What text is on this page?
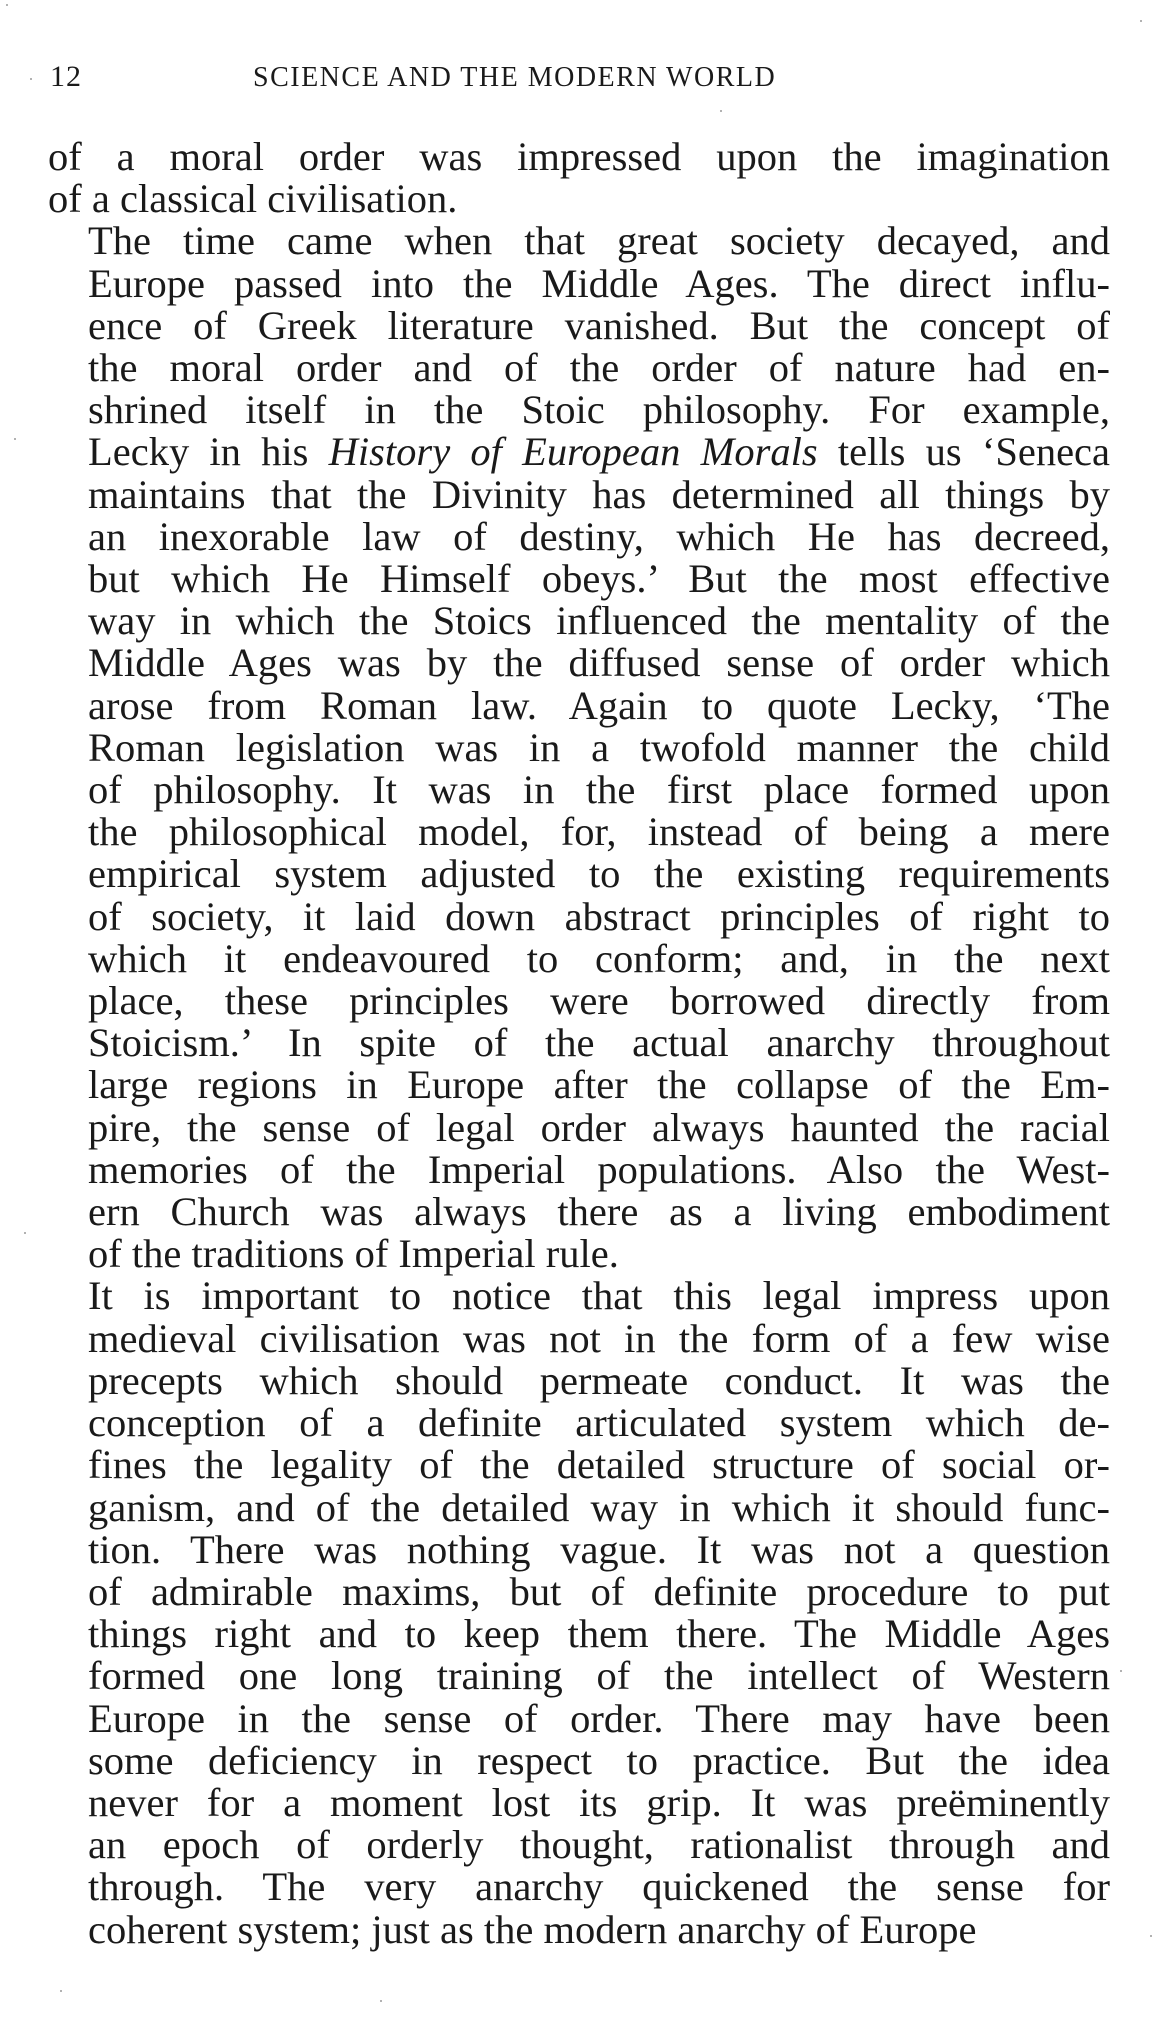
12	SCIENCE AND THE MODERN WORLD
of a moral order was impressed upon the imagination
of a classical civilisation.
The time came when that great society decayed, and
Europe passed into the Middle Ages. The direct influ-
ence of Greek literature vanished. But the concept of
the moral order and of the order of nature had en-
shrined itself in the Stoic philosophy. For example,
Lecky in his History of European Morals tells us ‘Seneca
maintains that the Divinity has determined all things by
an inexorable law of destiny, which He has decreed,
but which He Himself obeys.’ But the most effective
way in which the Stoics influenced the mentality of the
Middle Ages was by the diffused sense of order which
arose from Roman law. Again to quote Lecky, ‘The
Roman legislation was in a twofold manner the child
of philosophy. It was in the first place formed upon
the philosophical model, for, instead of being a mere
empirical system adjusted to the existing requirements
of society, it laid down abstract principles of right to
which it endeavoured to conform; and, in the next
place, these principles were borrowed directly from
Stoicism.’ In spite of the actual anarchy throughout
large regions in Europe after the collapse of the Em-
pire, the sense of legal order always haunted the racial
memories of the Imperial populations. Also the West-
ern Church was always there as a living embodiment
of the traditions of Imperial rule.
It is important to notice that this legal impress upon
medieval civilisation was not in the form of a few wise
precepts which should permeate conduct. It was the
conception of a definite articulated system which de-
fines the legality of the detailed structure of social or-
ganism, and of the detailed way in which it should func-
tion. There was nothing vague. It was not a question
of admirable maxims, but of definite procedure to put
things right and to keep them there. The Middle Ages
formed one long training of the intellect of Western
Europe in the sense of order. There may have been
some deficiency in respect to practice. But the idea
never for a moment lost its grip. It was preëminently
an epoch of orderly thought, rationalist through and
through. The very anarchy quickened the sense for
coherent system; just as the modern anarchy of Europe
